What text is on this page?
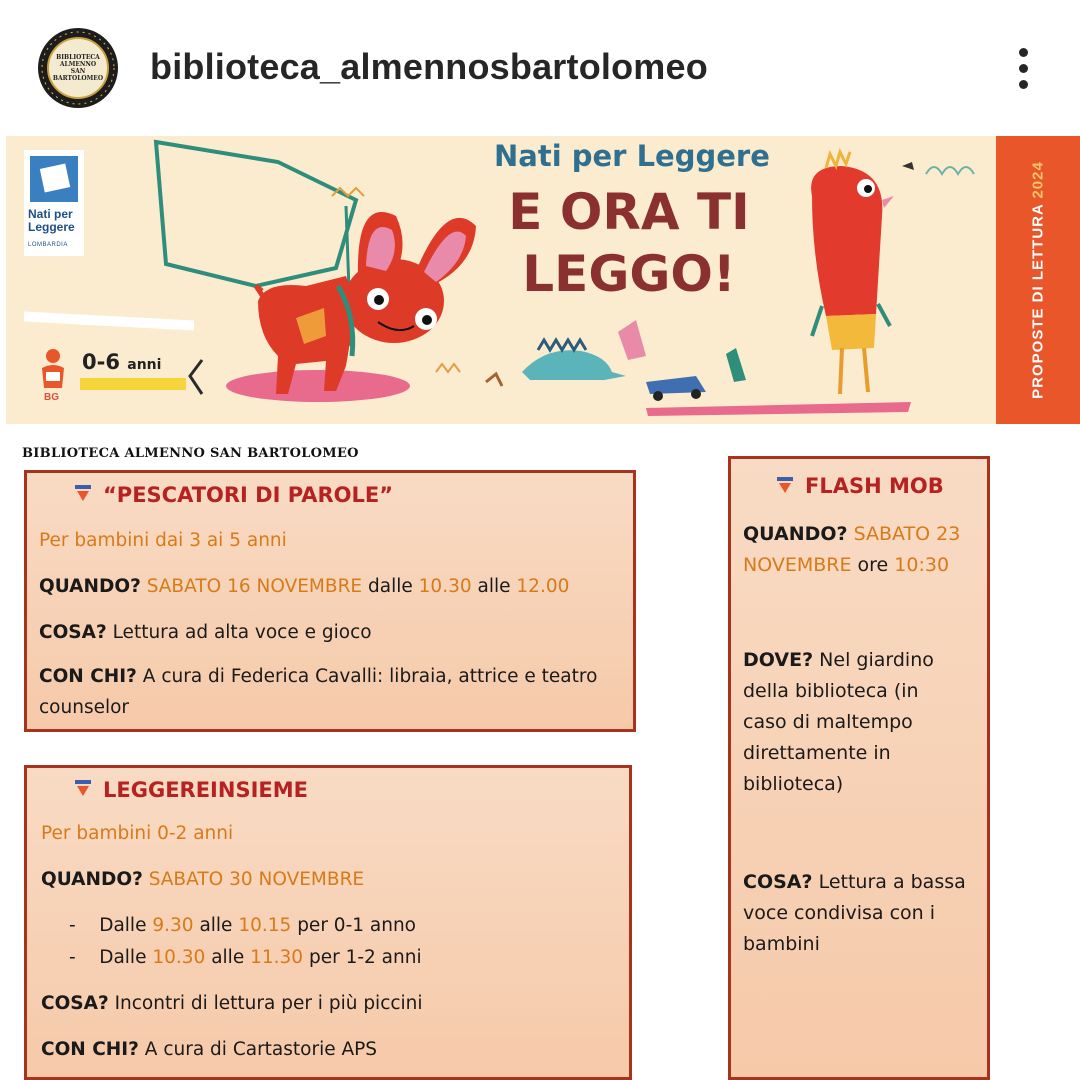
BIBLIOTECA
ALMENNO
SAN
BARTOLOMEO biblioteca_almennosbartolomeo
Nati per
Leggere
LOMBARDIA
Nati per Leggere
E ORA TI
LEGGO!
0-6 anni
BG	PROPOSTE DI LETTURA 2024
BIBLIOTECA ALMENNO SAN BARTOLOMEO
“PESCATORI DI PAROLE”
Per bambini dai 3 ai 5 anni
QUANDO? SABATO 16 NOVEMBRE dalle 10.30 alle 12.00
COSA? Lettura ad alta voce e gioco
CON CHI? A cura di Federica Cavalli: libraia, attrice e teatro counselor
LEGGEREINSIEME
Per bambini 0-2 anni
QUANDO? SABATO 30 NOVEMBRE
-    Dalle 9.30 alle 10.15 per 0-1 anno
-    Dalle 10.30 alle 11.30 per 1-2 anni
COSA? Incontri di lettura per i più piccini
CON CHI? A cura di Cartastorie APS
FLASH MOB
QUANDO? SABATO 23
NOVEMBRE ore 10:30
DOVE? Nel giardino
della biblioteca (in
caso di maltempo
direttamente in
biblioteca)
COSA? Lettura a bassa
voce condivisa con i
bambini
